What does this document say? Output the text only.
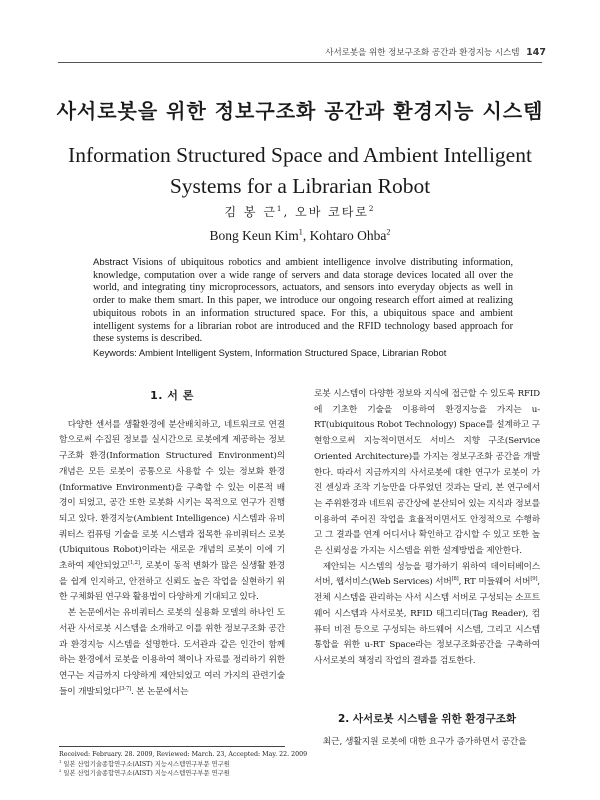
사서로봇을 위한 정보구조화 공간과 환경지능 시스템 147
사서로봇을 위한 정보구조화 공간과 환경지능 시스템
Information Structured Space and Ambient Intelligent
Systems for a Librarian Robot
김 봉 근$^1$, 오바 코타로$^2$
Bong Keun Kim$^1$, Kohtaro Ohba$^2$

Abstract Visions of ubiquitous robotics and ambient intelligence involve distributing information, knowledge, computation over a wide range of servers and data storage devices located all over the world, and integrating tiny microprocessors, actuators, and sensors into everyday objects as well in order to make them smart. In this paper, we introduce our ongoing research effort aimed at realizing ubiquitous robots in an information structured space. For this, a ubiquitous space and ambient intelligent systems for a librarian robot are introduced and the RFID technology based approach for these systems is described.

Keywords: Ambient Intelligent System, Information Structured Space, Librarian Robot

1. 서 론

다양한 센서를 생활환경에 분산배치하고, 네트워크로 연결함으로써 수집된 정보를 실시간으로 로봇에게 제공하는 정보구조화 환경(Information Structured Environment)의 개념은 모든 로봇이 공통으로 사용할 수 있는 정보화 환경(Informative Environment)을 구축할 수 있는 이론적 배경이 되었고, 공간 또한 로봇화 시키는 목적으로 연구가 진행되고 있다. 환경지능(Ambient Intelligence) 시스템과 유비쿼터스 컴퓨팅 기술을 로봇 시스템과 접목한 유비쿼터스 로봇(Ubiquitous Robot)이라는 새로운 개념의 로봇이 이에 기초하여 제안되었고[1,2], 로봇이 동적 변화가 많은 실생활 환경을 쉽게 인지하고, 안전하고 신뢰도 높은 작업을 실현하기 위한 구체화된 연구와 활용법이 다양하게 기대되고 있다.

본 논문에서는 유비쿼터스 로봇의 실용화 모델의 하나인 도서관 사서로봇 시스템을 소개하고 이를 위한 정보구조화 공간과 환경지능 시스템을 설명한다. 도서관과 같은 인간이 함께하는 환경에서 로봇을 이용하여 책이나 자료를 정리하기 위한 연구는 지금까지 다양하게 제안되었고 여러 가지의 관련기술들이 개발되었다[3-7]. 본 논문에서는

로봇 시스템이 다양한 정보와 지식에 접근할 수 있도록 RFID에 기초한 기술을 이용하여 환경지능을 가지는 u-RT(ubiquitous Robot Technology) Space를 설계하고 구현함으로써 지능적이면서도 서비스 지향 구조(Service Oriented Architecture)를 가지는 정보구조화 공간을 개발한다. 따라서 지금까지의 사서로봇에 대한 연구가 로봇이 가진 센싱과 조작 기능만을 다루었던 것과는 달리, 본 연구에서는 주위환경과 네트워 공간상에 분산되어 있는 지식과 정보를 이용하여 주어진 작업을 효율적이면서도 안정적으로 수행하고 그 결과를 연계 어디서나 확인하고 감시할 수 있고 또한 높은 신뢰성을 가지는 시스템을 위한 설계방법을 제안한다.

제안되는 시스템의 성능을 평가하기 위하여 데이터베이스 서버, 웹서비스(Web Services) 서버[8], RT 미들웨어 서버[9], 전체 시스템을 관리하는 사서 시스템 서버로 구성되는 소프트웨어 시스템과 사서로봇, RFID 태그리더(Tag Reader), 컴퓨터 비전 등으로 구성되는 하드웨어 시스템, 그리고 시스템통합을 위한 u-RT Space라는 정보구조화공간을 구축하여 사서로봇의 책정리 작업의 결과를 검토한다.

2. 사서로봇 시스템을 위한 환경구조화
최근, 생활지원 로봇에 대한 요구가 증가하면서 공간을
Received: February. 28. 2009, Reviewed: March. 23, Accepted: May. 22. 2009
$^1$ 일본 산업기술종합연구소(AIST) 지능시스템연구부문 연구원
$^2$ 일본 산업기술종합연구소(AIST) 지능시스템연구부문 연구원
